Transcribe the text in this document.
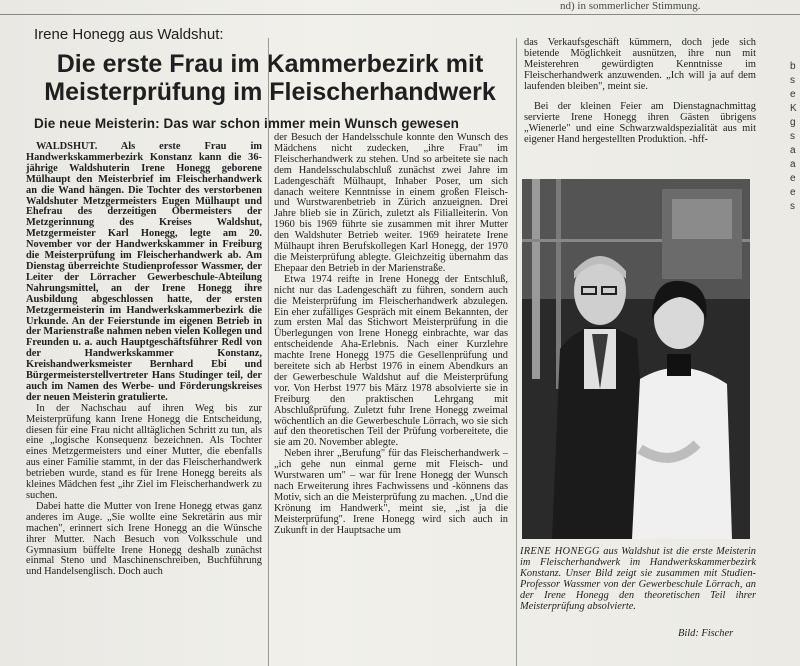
nd) in sommerlicher Stimmung.
Irene Honegg aus Waldshut:
Die erste Frau im Kammerbezirk mit
Meisterprüfung im Fleischerhandwerk
Die neue Meisterin: Das war schon immer mein Wunsch gewesen

WALDSHUT. Als erste Frau im Handwerkskammerbezirk Konstanz kann die 36-jährige Waldshuterin Irene Honegg geborene Mülhaupt den Meisterbrief im Fleischerhandwerk an die Wand hängen. Die Tochter des verstorbenen Waldshuter Metzgermeisters Eugen Mülhaupt und Ehefrau des derzeitigen Obermeisters der Metzgerinnung des Kreises Waldshut, Metzgermeister Karl Honegg, legte am 20. November vor der Handwerkskammer in Freiburg die Meisterprüfung im Fleischerhandwerk ab. Am Dienstag überreichte Studienprofessor Wassmer, der Leiter der Lörracher Gewerbeschule-Abteilung Nahrungsmittel, an der Irene Honegg ihre Ausbildung abgeschlossen hatte, der ersten Metzgermeisterin im Handwerkskammerbezirk die Urkunde. An der Feierstunde im eigenen Betrieb in der Marienstraße nahmen neben vielen Kollegen und Freunden u. a. auch Hauptgeschäftsführer Redl von der Handwerkskammer Konstanz, Kreishandwerksmeister Bernhard Ebi und Bürgermeisterstellvertreter Hans Studinger teil, der auch im Namen des Werbe- und Förderungskreises der neuen Meisterin gratulierte.

In der Nachschau auf ihren Weg bis zur Meisterprüfung kann Irene Honegg die Entscheidung, diesen für eine Frau nicht alltäglichen Schritt zu tun, als eine „logische Konsequenz bezeichnen. Als Tochter eines Metzgermeisters und einer Mutter, die ebenfalls aus einer Familie stammt, in der das Fleischerhandwerk betrieben wurde, stand es für Irene Honegg bereits als kleines Mädchen fest „ihr Ziel im Fleischerhandwerk zu suchen.

Dabei hatte die Mutter von Irene Honegg etwas ganz anderes im Auge. „Sie wollte eine Sekretärin aus mir machen", erinnert sich Irene Honegg an die Wünsche ihrer Mutter. Nach Besuch von Volksschule und Gymnasium büffelte Irene Honegg deshalb zunächst einmal Steno und Maschinenschreiben, Buchführung und Handelsenglisch. Doch auch

der Besuch der Handelsschule konnte den Wunsch des Mädchens nicht zudecken, „ihre Frau" im Fleischerhandwerk zu stehen. Und so arbeitete sie nach dem Handelsschulabschluß zunächst zwei Jahre im Ladengeschäft Mülhaupt, Inhaber Poser, um sich danach weitere Kenntnisse in einem großen Fleisch- und Wurstwarenbetrieb in Zürich anzueignen. Drei Jahre blieb sie in Zürich, zuletzt als Filialleiterin. Von 1960 bis 1969 führte sie zusammen mit ihrer Mutter den Waldshuter Betrieb weiter. 1969 heiratete Irene Mülhaupt ihren Berufskollegen Karl Honegg, der 1970 die Meisterprüfung ablegte. Gleichzeitig übernahm das Ehepaar den Betrieb in der Marienstraße.

Etwa 1974 reifte in Irene Honegg der Entschluß, nicht nur das Ladengeschäft zu führen, sondern auch die Meisterprüfung im Fleischerhandwerk abzulegen. Ein eher zufälliges Gespräch mit einem Bekannten, der zum ersten Mal das Stichwort Meisterprüfung in die Überlegungen von Irene Honegg einbrachte, war das entscheidende Aha-Erlebnis. Nach einer Kurzlehre machte Irene Honegg 1975 die Gesellenprüfung und bereitete sich ab Herbst 1976 in einem Abendkurs an der Gewerbeschule Waldshut auf die Meisterprüfung vor. Von Herbst 1977 bis März 1978 absolvierte sie in Freiburg den praktischen Lehrgang mit Abschlußprüfung. Zuletzt fuhr Irene Honegg zweimal wöchentlich an die Gewerbeschule Lörrach, wo sie sich auf den theoretischen Teil der Prüfung vorbereitete, die sie am 20. November ablegte.

Neben ihrer „Berufung" für das Fleischerhandwerk – „ich gehe nun einmal gerne mit Fleisch- und Wurstwaren um" – war für Irene Honegg der Wunsch nach Erweiterung ihres Fachwissens und -könnens das Motiv, sich an die Meisterprüfung zu machen. „Und die Krönung im Handwerk", meint sie, „ist ja die Meisterprüfung". Irene Honegg wird sich auch in Zukunft in der Hauptsache um

das Verkaufsgeschäft kümmern, doch jede sich bietende Möglichkeit ausnützen, ihre nun mit Meisterehren gewürdigten Kenntnisse im Fleischerhandwerk anzuwenden. „Ich will ja auf dem laufenden bleiben", meint sie.

Bei der kleinen Feier am Dienstagnachmittag servierte Irene Honegg ihren Gästen übrigens „Wienerle" und eine Schwarzwaldspezialität aus mit eigener Hand hergestellten Produktion. -hff-

IRENE HONEGG aus Waldshut ist die erste Meisterin im Fleischerhandwerk im Handwerkskammerbezirk Konstanz. Unser Bild zeigt sie zusammen mit Studien-Professor Wassmer von der Gewerbeschule Lörrach, an der Irene Honegg den theoretischen Teil ihrer Meisterprüfung absolvierte.
Bild: Fischer
b
s
e
K
g
s
a
a
e
e
s
